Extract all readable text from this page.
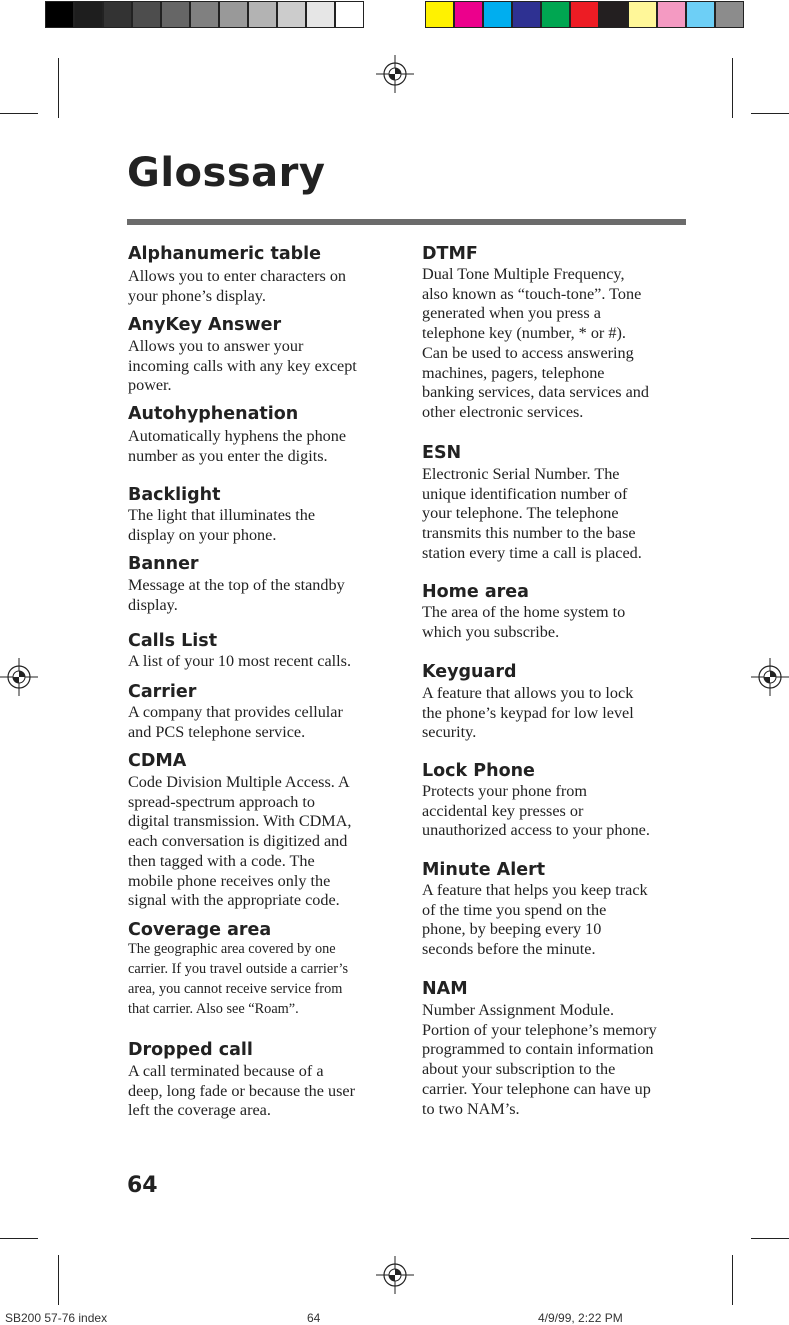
Glossary
Alphanumeric table
Allows you to enter characters on
your phone’s display.
AnyKey Answer
Allows you to answer your
incoming calls with any key except
power.
Autohyphenation
Automatically hyphens the phone
number as you enter the digits.
Backlight
The light that illuminates the
display on your phone.
Banner
Message at the top of the standby
display.
Calls List
A list of your 10 most recent calls.
Carrier
A company that provides cellular
and PCS telephone service.
CDMA
Code Division Multiple Access. A
spread-spectrum approach to
digital transmission. With CDMA,
each conversation is digitized and
then tagged with a code. The
mobile phone receives only the
signal with the appropriate code.
Coverage area
The geographic area covered by one
carrier. If you travel outside a carrier’s
area, you cannot receive service from
that carrier. Also see “Roam”.
Dropped call
A call terminated because of a
deep, long fade or because the user
left the coverage area.
DTMF
Dual Tone Multiple Frequency,
also known as “touch-tone”. Tone
generated when you press a
telephone key (number, * or #).
Can be used to access answering
machines, pagers, telephone
banking services, data services and
other electronic services.
ESN
Electronic Serial Number. The
unique identification number of
your telephone. The telephone
transmits this number to the base
station every time a call is placed.
Home area
The area of the home system to
which you subscribe.
Keyguard
A feature that allows you to lock
the phone’s keypad for low level
security.
Lock Phone
Protects your phone from
accidental key presses or
unauthorized access to your phone.
Minute Alert
A feature that helps you keep track
of the time you spend on the
phone, by beeping every 10
seconds before the minute.
NAM
Number Assignment Module.
Portion of your telephone’s memory
programmed to contain information
about your subscription to the
carrier. Your telephone can have up
to two NAM’s.
64
SB200 57-76 index	64	4/9/99, 2:22 PM
